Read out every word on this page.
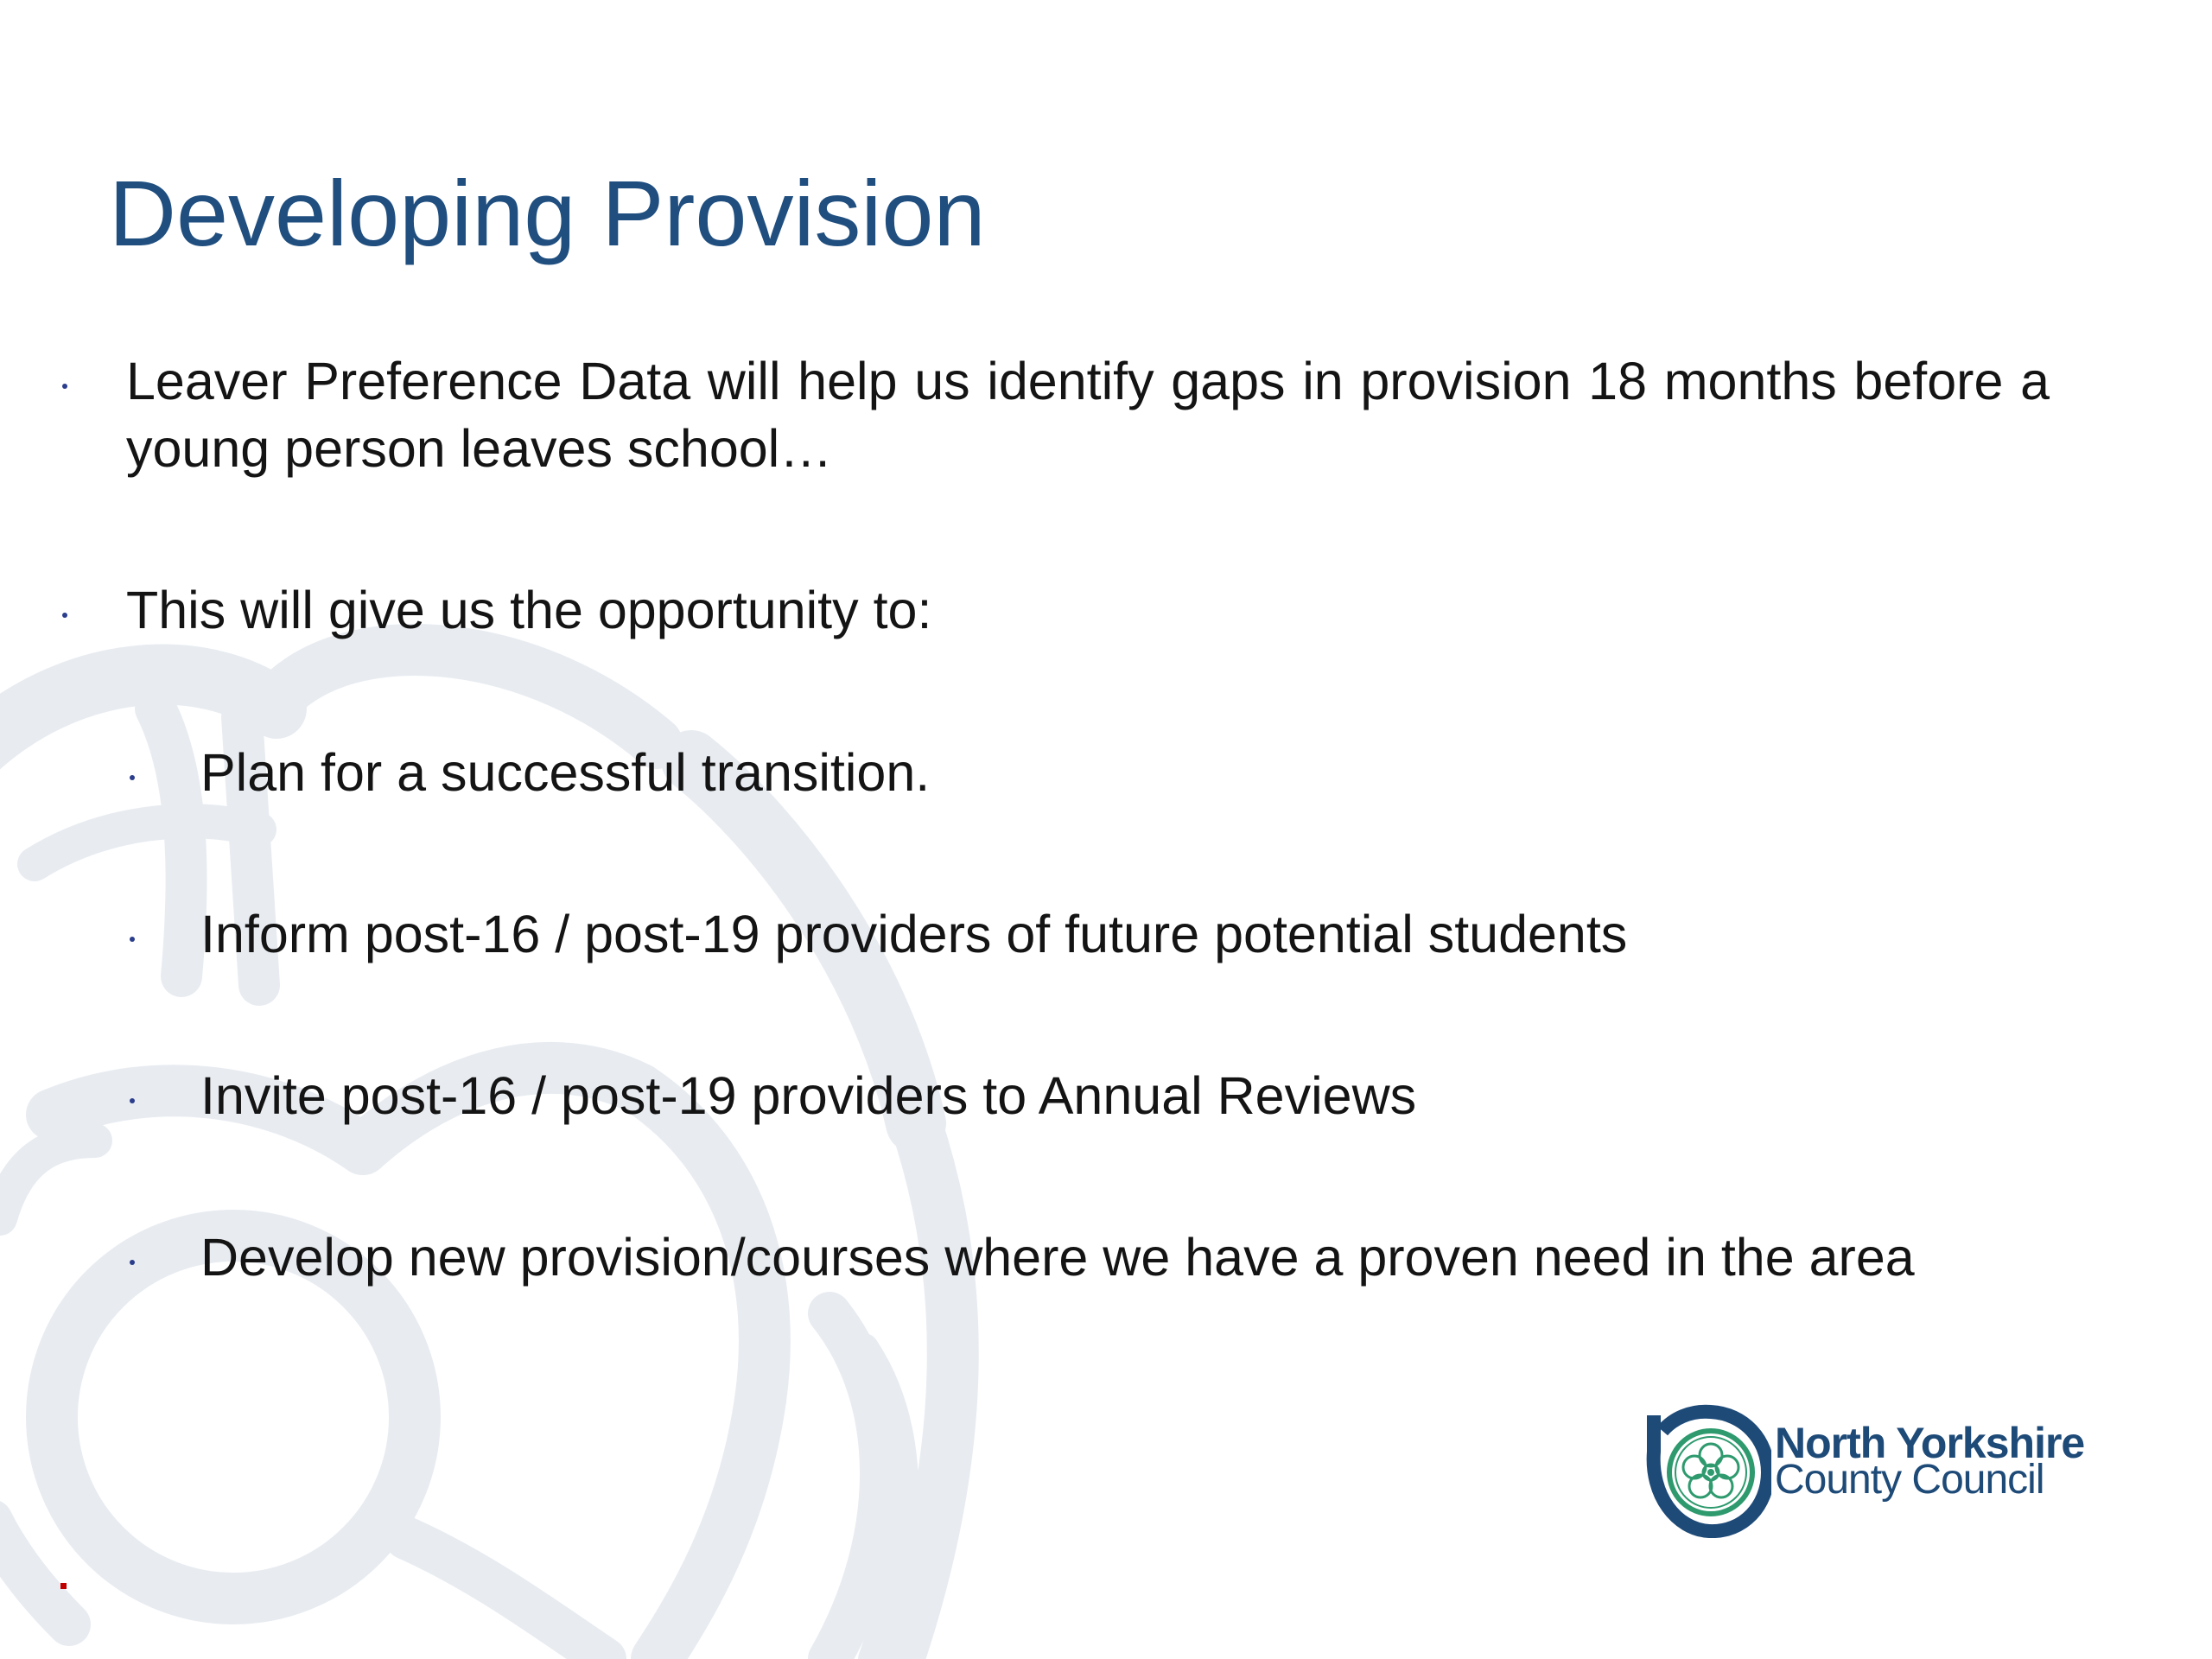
Developing Provision
Leaver Preference Data will help us identify gaps in provision 18 months before a young person leaves school…
This will give us the opportunity to:
Plan for a successful transition.
Inform post-16 / post-19 providers of future potential students
Invite post-16 / post-19 providers to Annual Reviews
Develop new provision/courses where we have a proven need in the area
North Yorkshire
County Council
